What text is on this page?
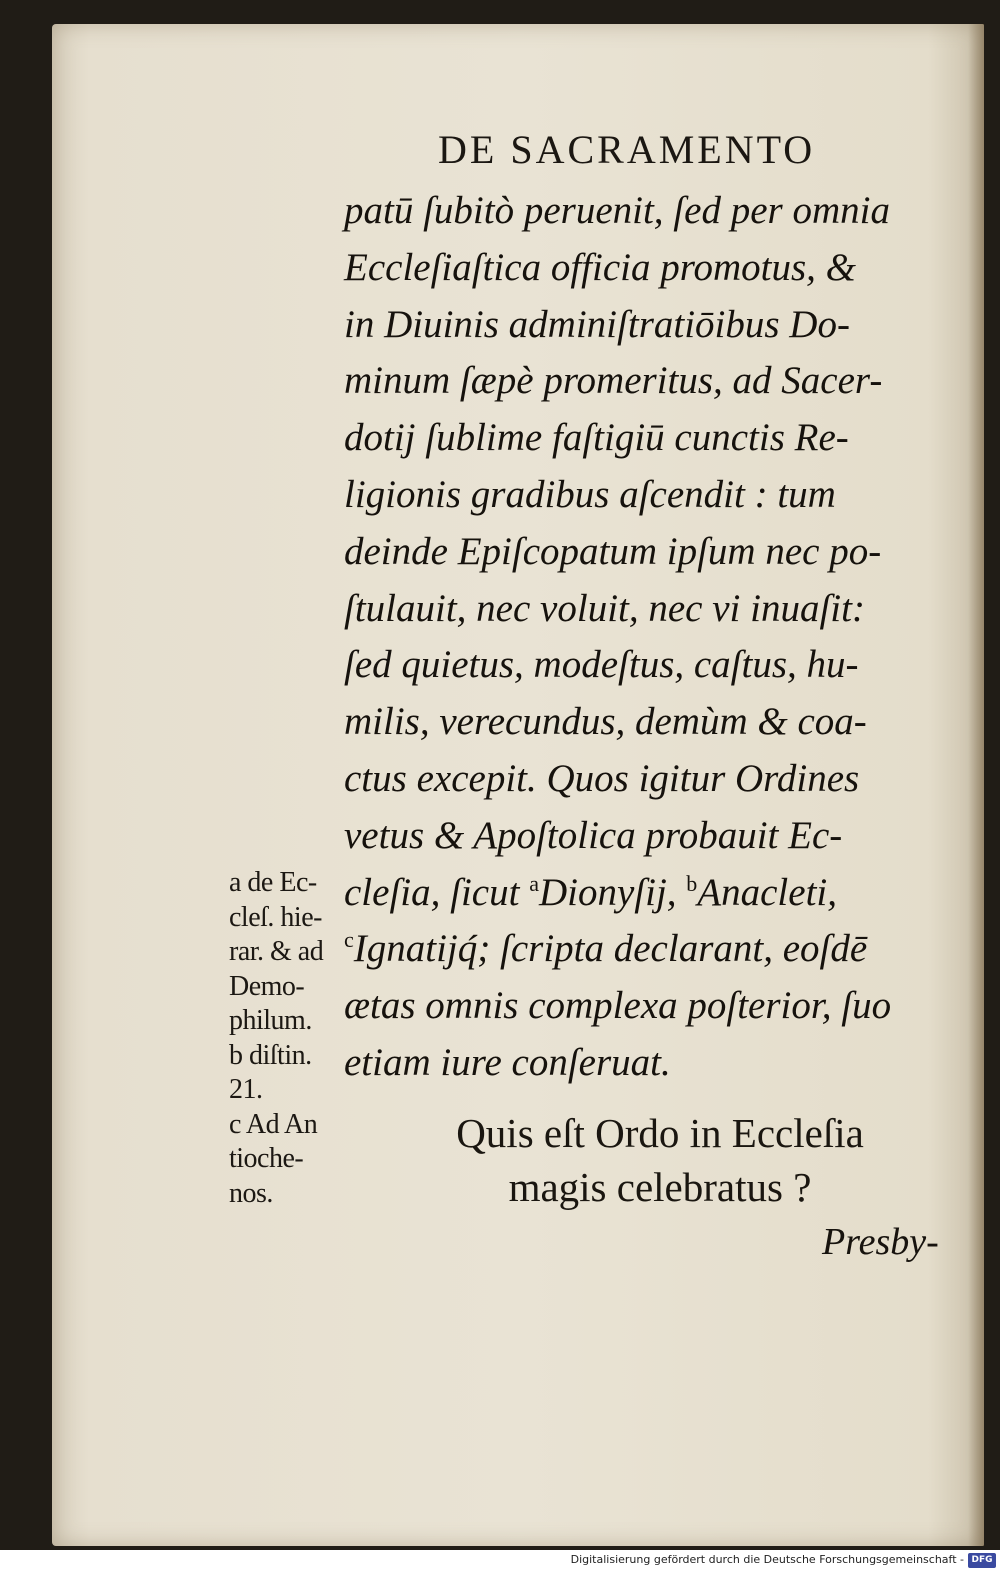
DE SACRAMENTO
patū ſubitò peruenit, ſed per omnia
Eccleſiaſtica officia promotus, &
in Diuinis adminiſtratiōibus Do-
minum ſæpè promeritus, ad Sacer-
dotij ſublime faſtigiū cunctis Re-
ligionis gradibus aſcendit : tum
deinde Epiſcopatum ipſum nec po-
ſtulauit, nec voluit, nec vi inuaſit:
ſed quietus, modeſtus, caſtus, hu-
milis, verecundus, demùm & coa-
ctus excepit. Quos igitur Ordines
vetus & Apoſtolica probauit Ec-
cleſia, ſicut $^a$Dionyſij, $^b$Anacleti,
$^c$Ignatijq́; ſcripta declarant, eoſdē
ætas omnis complexa poſterior, ſuo
etiam iure conſeruat.
a de Ec-
cleſ. hie-
rar. & ad
Demo-
philum.
b diſtin.
21.
c Ad An
tioche-
nos.
Quis eſt Ordo in Eccleſia
magis celebratus ?
Presby-
Digitalisierung gefördert durch die Deutsche Forschungsgemeinschaft - DFG
